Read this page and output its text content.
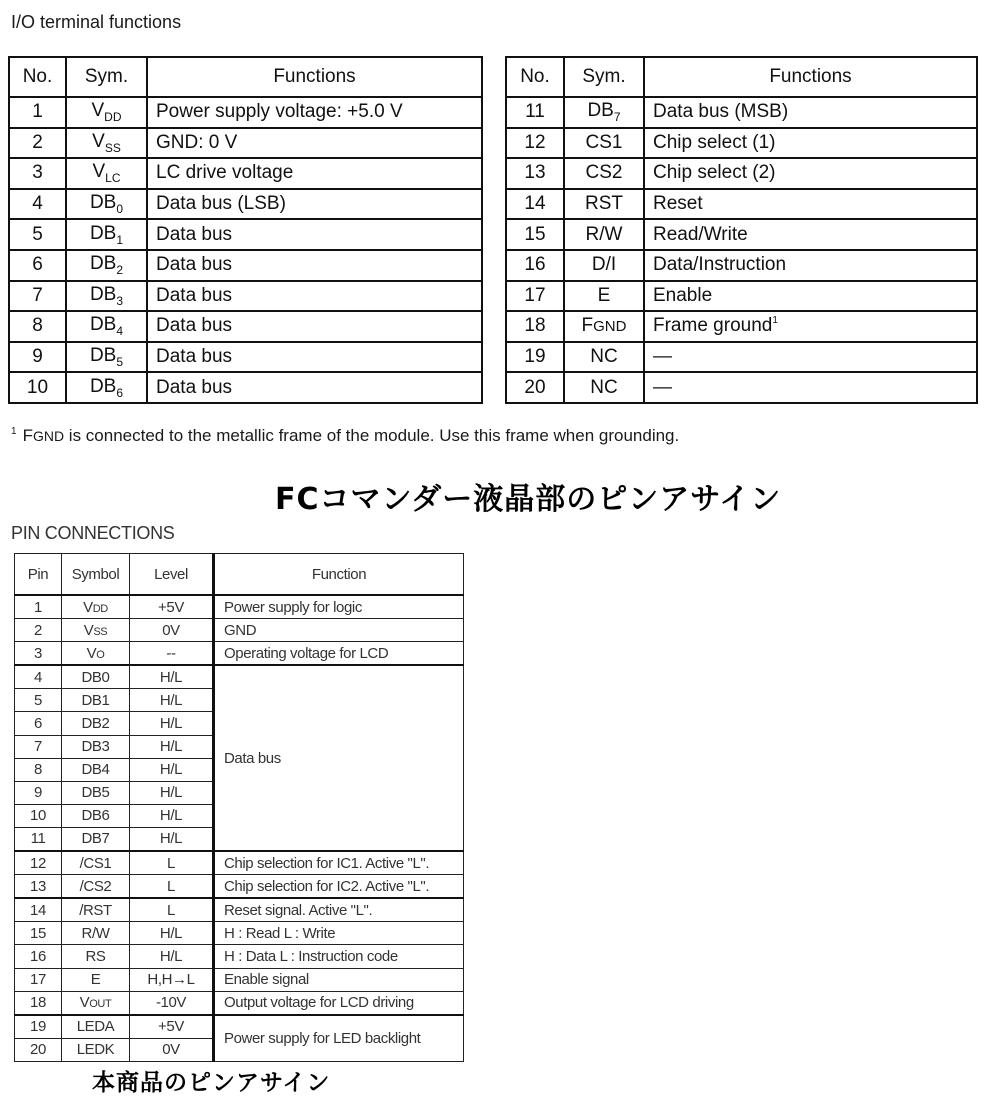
I/O terminal functions
No.	Sym.	Functions
1	$V_{DD}$	Power supply voltage: +5.0 V
2	$V_{SS}$	GND: 0 V
3	$V_{LC}$	LC drive voltage
4	$DB_0$	Data bus (LSB)
5	$DB_1$	Data bus
6	$DB_2$	Data bus
7	$DB_3$	Data bus
8	$DB_4$	Data bus
9	$DB_5$	Data bus
10	$DB_6$	Data bus
No.	Sym.	Functions
11	$DB_7$	Data bus (MSB)
12	CS1	Chip select (1)
13	CS2	Chip select (2)
14	RST	Reset
15	R/W	Read/Write
16	D/I	Data/Instruction
17	E	Enable
18	FGND	Frame ground$^1$
19	NC	—
20	NC	—
$^1$ FGND is connected to the metallic frame of the module. Use this frame when grounding.
FCコマンダー液晶部のピンアサイン
PIN CONNECTIONS
Pin	Symbol	Level	Function
1	VDD	+5V	Power supply for logic
2	VSS	0V	GND
3	VO	--	Operating voltage for LCD
4	DB0	H/L	Data bus
5	DB1	H/L	
6	DB2	H/L	
7	DB3	H/L	
8	DB4	H/L	
9	DB5	H/L	
10	DB6	H/L	
11	DB7	H/L	
12	/CS1	L	Chip selection for IC1. Active "L".
13	/CS2	L	Chip selection for IC2. Active "L".
14	/RST	L	Reset signal. Active "L".
15	R/W	H/L	H : Read L : Write
16	RS	H/L	H : Data L : Instruction code
17	E	H,H→L	Enable signal
18	VOUT	-10V	Output voltage for LCD driving
19	LEDA	+5V	Power supply for LED backlight
20	LEDK	0V	
本商品のピンアサイン
